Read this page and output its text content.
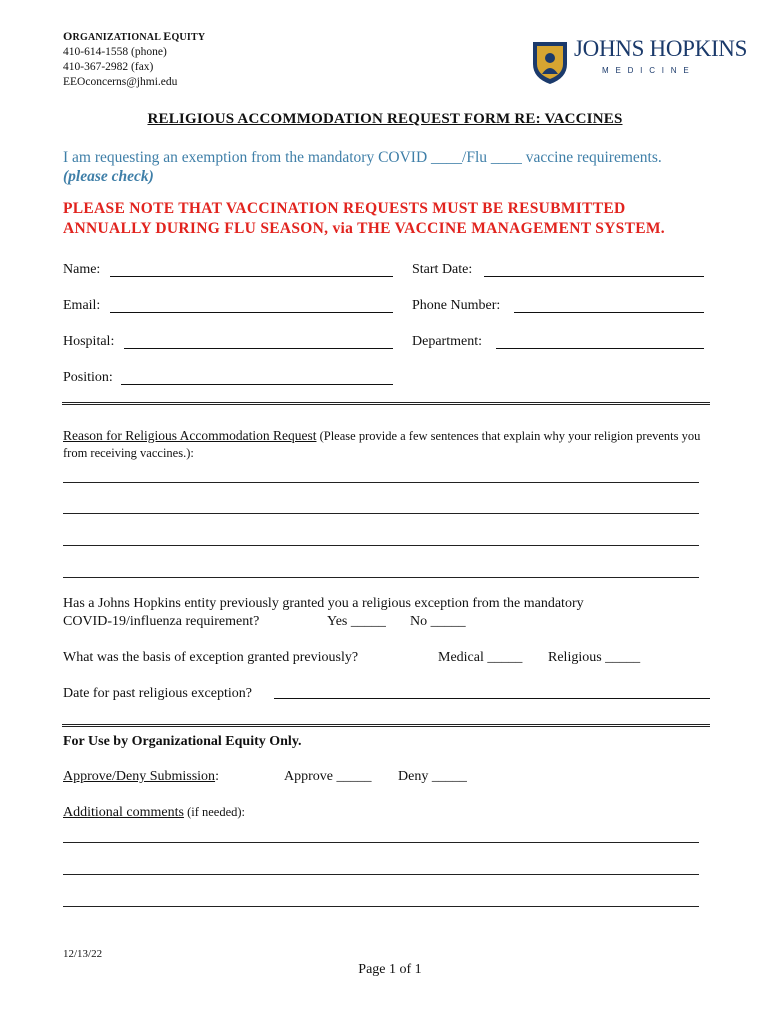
ORGANIZATIONAL EQUITY
410-614-1558 (phone)
410-367-2982 (fax)
EEOconcerns@jhmi.edu
JOHNS HOPKINS
MEDICINE
RELIGIOUS ACCOMMODATION REQUEST FORM RE: VACCINES
I am requesting an exemption from the mandatory COVID ____/Flu ____ vaccine requirements.
(please check)
PLEASE NOTE THAT VACCINATION REQUESTS MUST BE RESUBMITTED
ANNUALLY DURING FLU SEASON, via THE VACCINE MANAGEMENT SYSTEM.
Name:	Start Date:
Email:	Phone Number:
Hospital:	Department:
Position:
Reason for Religious Accommodation Request (Please provide a few sentences that explain why your religion prevents you from receiving vaccines.):
Has a Johns Hopkins entity previously granted you a religious exception from the mandatory
COVID-19/influenza requirement?	Yes _____ No _____
What was the basis of exception granted previously?	Medical _____ Religious _____
Date for past religious exception?
For Use by Organizational Equity Only.
Approve/Deny Submission:	Approve _____ Deny _____
Additional comments (if needed):
12/13/22
Page 1 of 1
